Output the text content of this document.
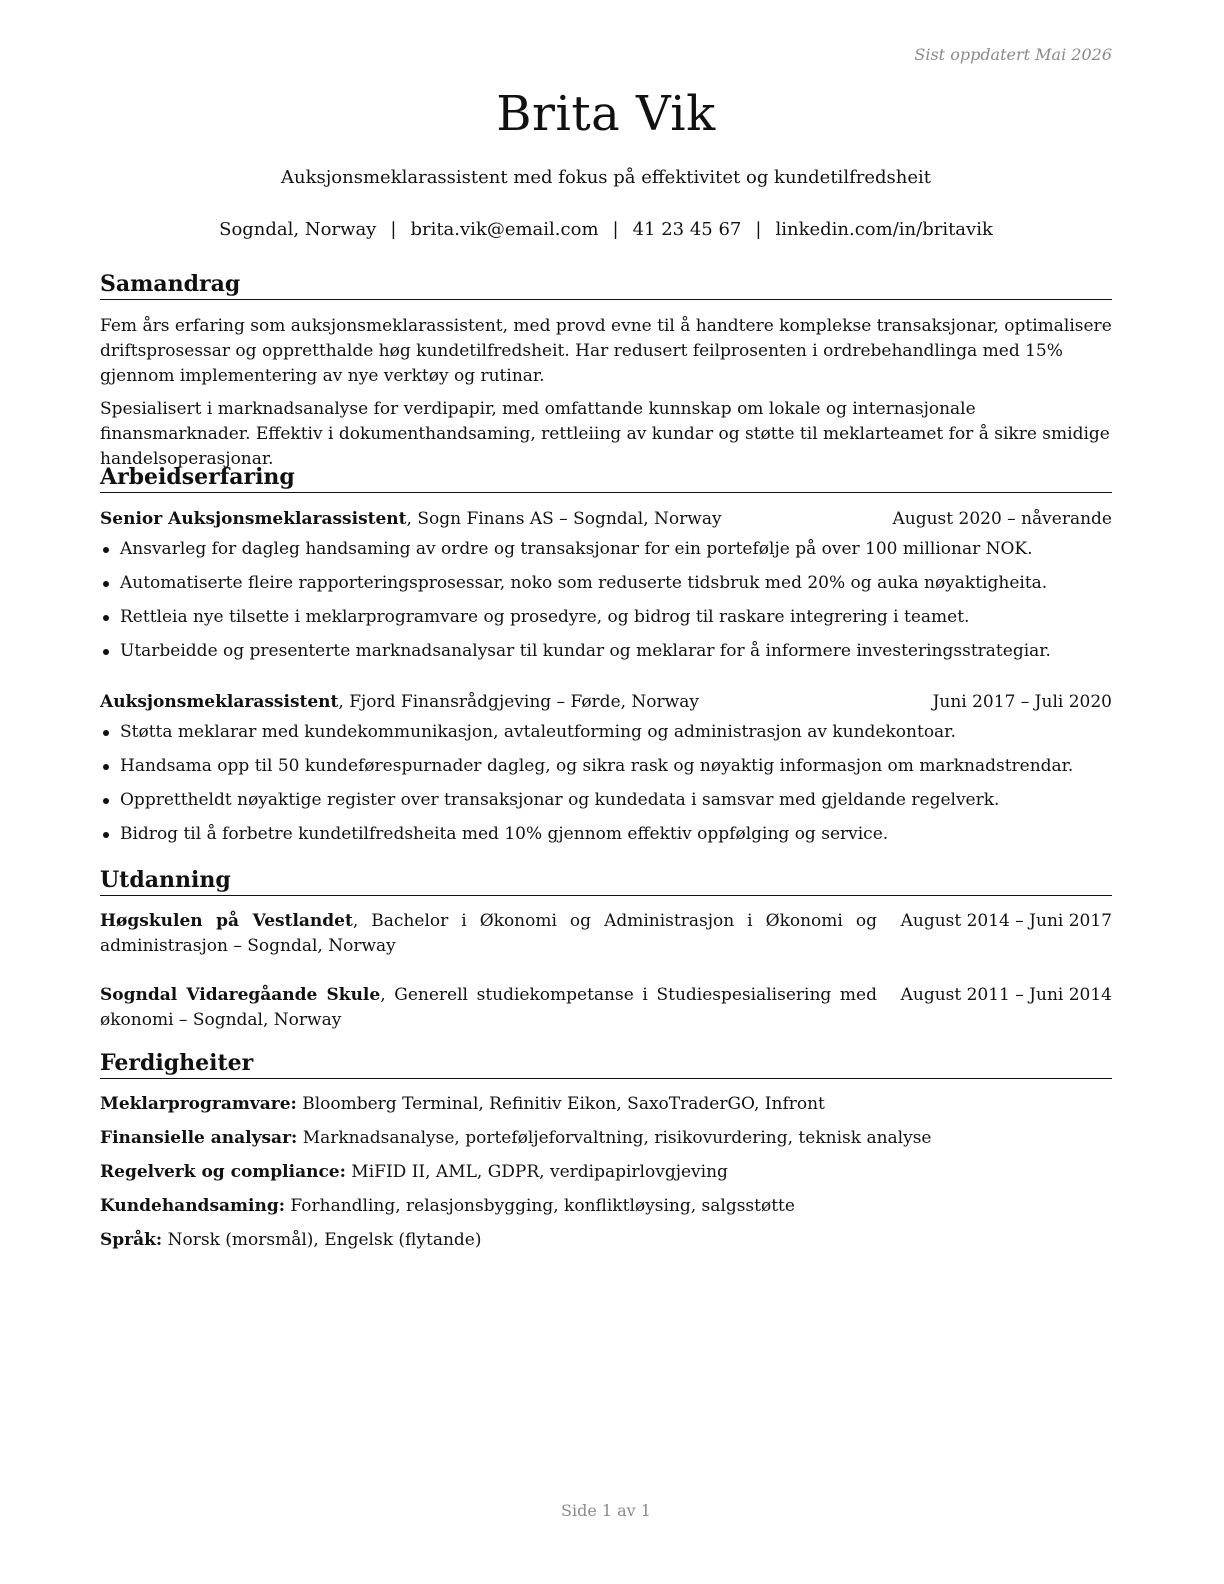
Sist oppdatert Mai 2026
Brita Vik
Auksjonsmeklarassistent med fokus på effektivitet og kundetilfredsheit
Sogndal, Norway | brita.vik@email.com | 41 23 45 67 | linkedin.com/in/britavik
Samandrag

Fem års erfaring som auksjonsmeklarassistent, med provd evne til å handtere komplekse transaksjonar, optimalisere driftsprosessar og oppretthalde høg kundetilfredsheit. Har redusert feilprosenten i ordrebehandlinga med 15% gjennom implementering av nye verktøy og rutinar.

Spesialisert i marknadsanalyse for verdipapir, med omfattande kunnskap om lokale og internasjonale finansmarknader. Effektiv i dokumenthandsaming, rettleiing av kundar og støtte til meklarteamet for å sikre smidige handelsoperasjonar.

Arbeidserfaring
Senior Auksjonsmeklarassistent, Sogn Finans AS – Sogndal, Norway	August 2020 – nåverande
Ansvarleg for dagleg handsaming av ordre og transaksjonar for ein portefølje på over 100 millionar NOK.
Automatiserte fleire rapporteringsprosessar, noko som reduserte tidsbruk med 20% og auka nøyaktigheita.
Rettleia nye tilsette i meklarprogramvare og prosedyre, og bidrog til raskare integrering i teamet.
Utarbeidde og presenterte marknadsanalysar til kundar og meklarar for å informere investeringsstrategiar.
Auksjonsmeklarassistent, Fjord Finansrådgjeving – Førde, Norway	Juni 2017 – Juli 2020
Støtta meklarar med kundekommunikasjon, avtaleutforming og administrasjon av kundekontoar.
Handsama opp til 50 kundeførespurnader dagleg, og sikra rask og nøyaktig informasjon om marknadstrendar.
Opprettheldt nøyaktige register over transaksjonar og kundedata i samsvar med gjeldande regelverk.
Bidrog til å forbetre kundetilfredsheita med 10% gjennom effektiv oppfølging og service.
Utdanning
Høgskulen på Vestlandet, Bachelor i Økonomi og Administrasjon i Økonomi og administrasjon – Sogndal, Norway
August 2014 – Juni 2017
Sogndal Vidaregåande Skule, Generell studiekompetanse i Studiespesialisering med økonomi – Sogndal, Norway
August 2011 – Juni 2014
Ferdigheiter
Meklarprogramvare: Bloomberg Terminal, Refinitiv Eikon, SaxoTraderGO, Infront
Finansielle analysar: Marknadsanalyse, porteføljeforvaltning, risikovurdering, teknisk analyse
Regelverk og compliance: MiFID II, AML, GDPR, verdipapirlovgjeving
Kundehandsaming: Forhandling, relasjonsbygging, konfliktløysing, salgsstøtte
Språk: Norsk (morsmål), Engelsk (flytande)
Side 1 av 1
